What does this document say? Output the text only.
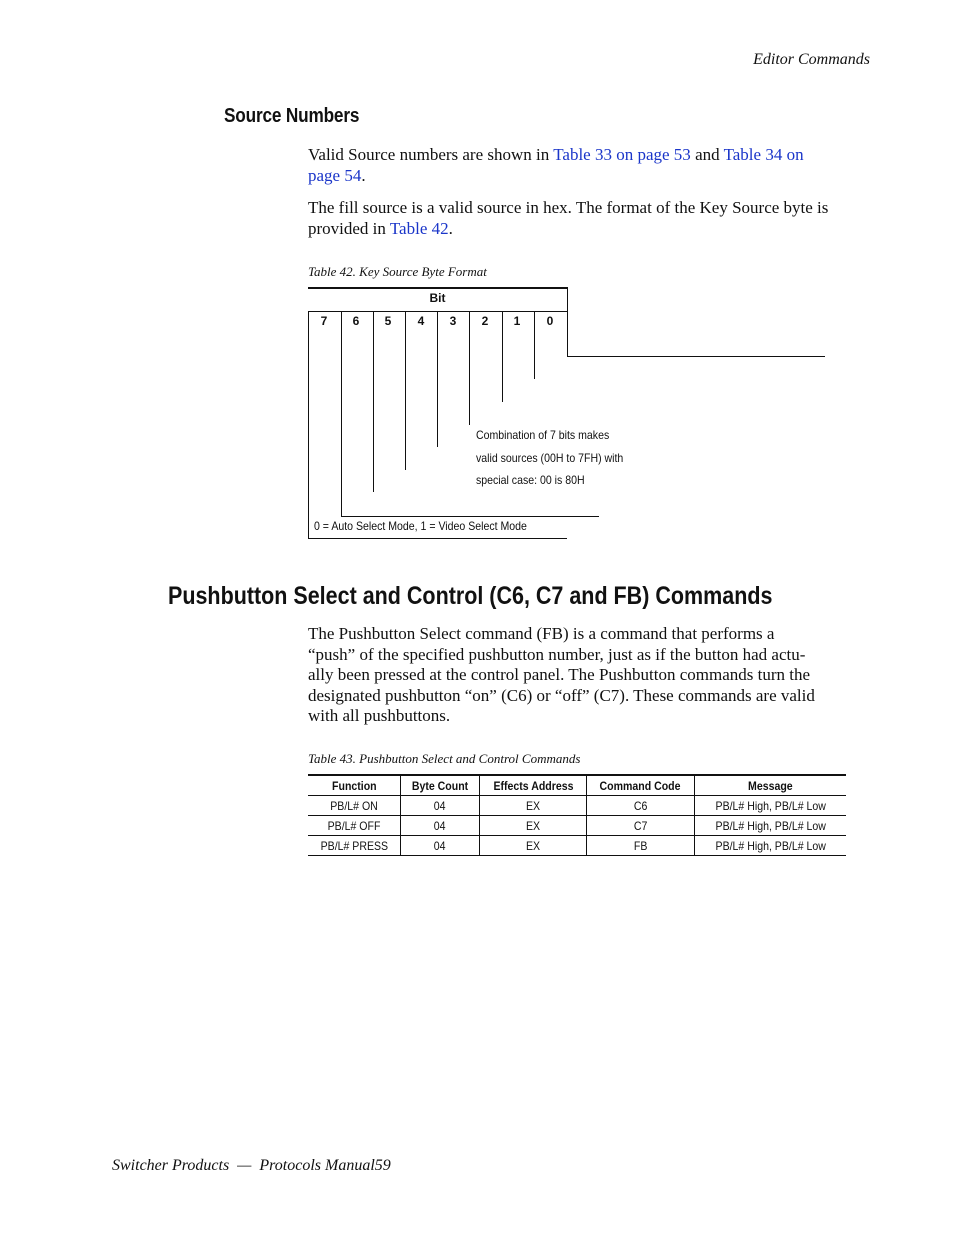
Editor Commands
Source Numbers
Valid Source numbers are shown in Table 33 on page 53 and Table 34 on
page 54.
The fill source is a valid source in hex. The format of the Key Source byte is provided in Table 42.
Table 42. Key Source Byte Format
Bit
7	6	5	4	3	2	1	0
Combination of 7 bits makes
valid sources (00H to 7FH) with
special case: 00 is 80H
0 = Auto Select Mode, 1 = Video Select Mode
Pushbutton Select and Control (C6, C7 and FB) Commands
The Pushbutton Select command (FB) is a command that performs a
“push” of the specified pushbutton number, just as if the button had actu-
ally been pressed at the control panel. The Pushbutton commands turn the
designated pushbutton “on” (C6) or “off” (C7). These commands are valid
with all pushbuttons.
Table 43. Pushbutton Select and Control Commands
Function	Byte Count	Effects Address	Command Code	Message
PB/L# ON	04	EX	C6	PB/L# High, PB/L# Low
PB/L# OFF	04	EX	C7	PB/L# High, PB/L# Low
PB/L# PRESS	04	EX	FB	PB/L# High, PB/L# Low
Switcher Products  —  Protocols Manual59
